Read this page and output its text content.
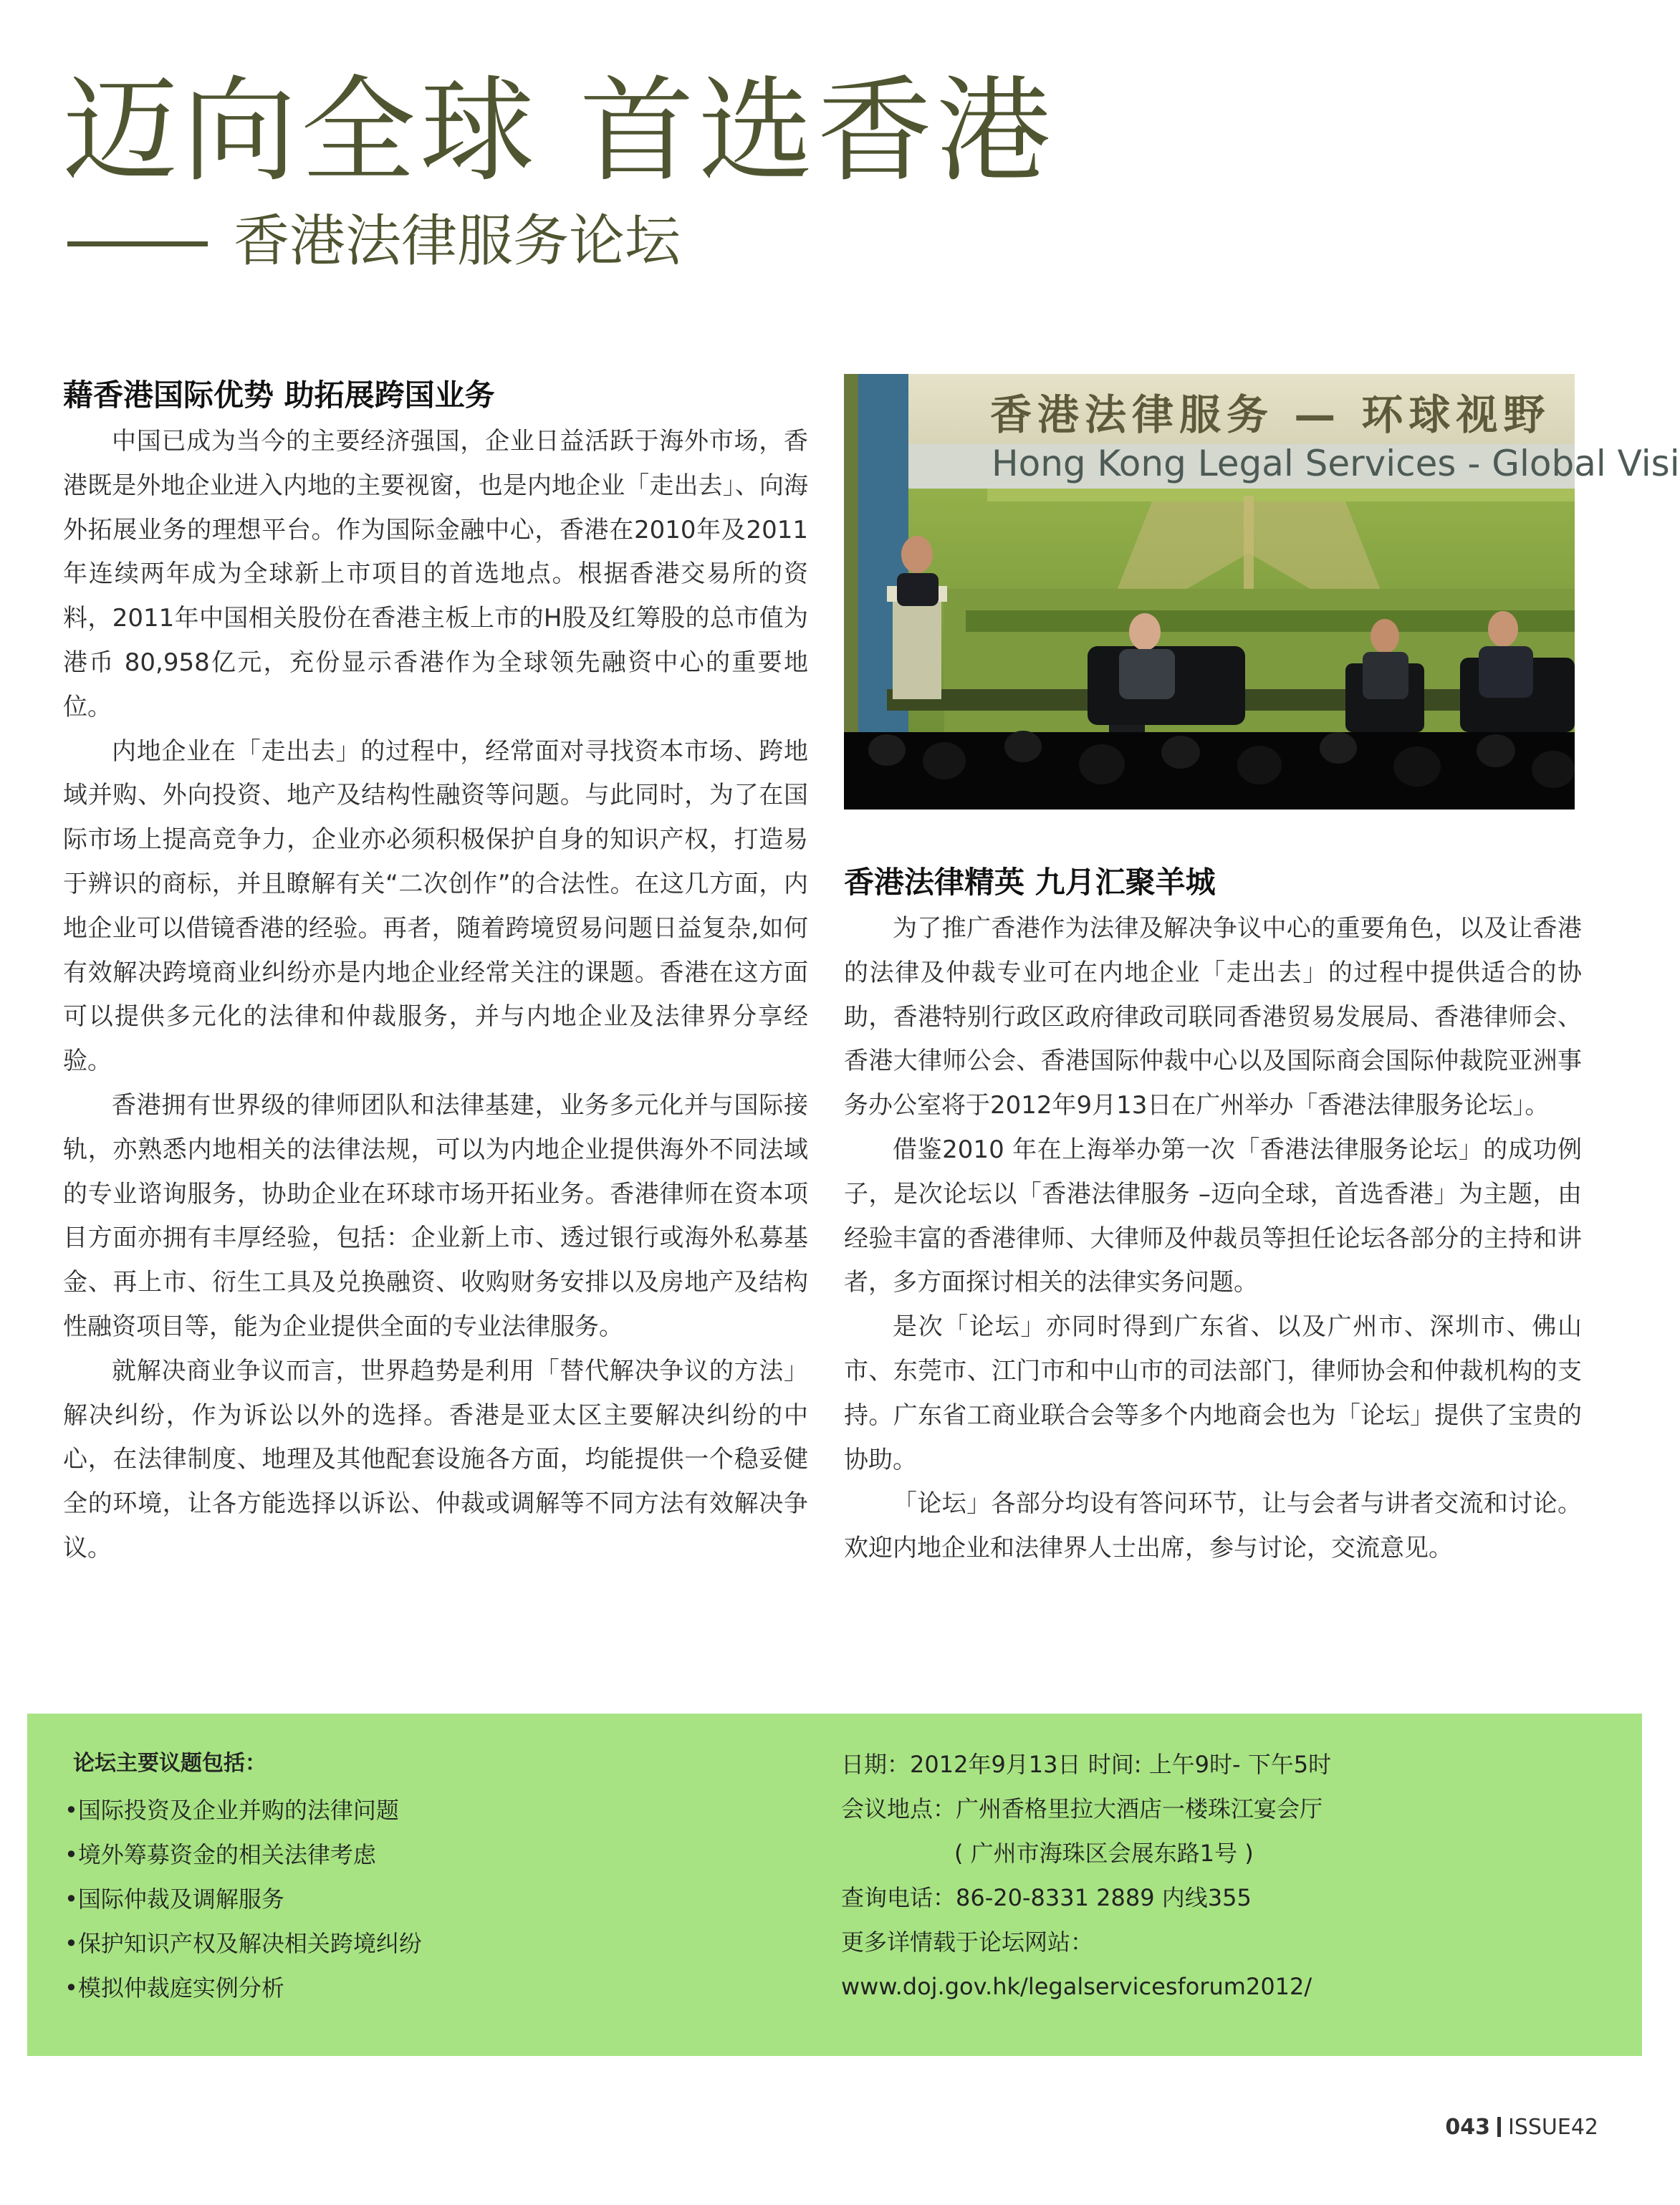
迈向全球 首选香港
香港法律服务论坛
藉香港国际优势 助拓展跨国业务

中国已成为当今的主要经济强国，企业日益活跃于海外市场，香港既是外地企业进入内地的主要视窗，也是内地企业「走出去」、向海外拓展业务的理想平台。作为国际金融中心，香港在2010年及2011年连续两年成为全球新上市项目的首选地点。根据香港交易所的资料，2011年中国相关股份在香港主板上市的H股及红筹股的总市值为港币 80,958亿元，充份显示香港作为全球领先融资中心的重要地位。

内地企业在「走出去」的过程中，经常面对寻找资本市场、跨地域并购、外向投资、地产及结构性融资等问题。与此同时，为了在国际市场上提高竞争力，企业亦必须积极保护自身的知识产权，打造易于辨识的商标，并且瞭解有关“二次创作”的合法性。在这几方面，内地企业可以借镜香港的经验。再者，随着跨境贸易问题日益复杂,如何有效解决跨境商业纠纷亦是内地企业经常关注的课题。香港在这方面可以提供多元化的法律和仲裁服务，并与内地企业及法律界分享经验。

香港拥有世界级的律师团队和法律基建，业务多元化并与国际接轨，亦熟悉内地相关的法律法规，可以为内地企业提供海外不同法域的专业谘询服务，协助企业在环球市场开拓业务。香港律师在资本项目方面亦拥有丰厚经验，包括：企业新上市、透过银行或海外私募基金、再上市、衍生工具及兑换融资、收购财务安排以及房地产及结构性融资项目等，能为企业提供全面的专业法律服务。

就解决商业争议而言，世界趋势是利用「替代解决争议的方法」解决纠纷，作为诉讼以外的选择。香港是亚太区主要解决纠纷的中心，在法律制度、地理及其他配套设施各方面，均能提供一个稳妥健全的环境，让各方能选择以诉讼、仲裁或调解等不同方法有效解决争议。

香港法律服务 — 环球视野
Hong Kong Legal Services - Global Visi
香港法律精英 九月汇聚羊城

为了推广香港作为法律及解决争议中心的重要角色，以及让香港的法律及仲裁专业可在内地企业「走出去」的过程中提供适合的协助，香港特别行政区政府律政司联同香港贸易发展局、香港律师会、香港大律师公会、香港国际仲裁中心以及国际商会国际仲裁院亚洲事务办公室将于2012年9月13日在广州举办「香港法律服务论坛」。

借鉴2010 年在上海举办第一次「香港法律服务论坛」的成功例子，是次论坛以「香港法律服务 –迈向全球，首选香港」为主题，由经验丰富的香港律师、大律师及仲裁员等担任论坛各部分的主持和讲者，多方面探讨相关的法律实务问题。

是次「论坛」亦同时得到广东省、以及广州市、深圳市、佛山市、东莞市、江门市和中山市的司法部门，律师协会和仲裁机构的支持。广东省工商业联合会等多个内地商会也为「论坛」提供了宝贵的协助。

「论坛」各部分均设有答问环节，让与会者与讲者交流和讨论。欢迎内地企业和法律界人士出席，参与讨论，交流意见。

论坛主要议题包括：

•国际投资及企业并购的法律问题
•境外筹募资金的相关法律考虑
•国际仲裁及调解服务
•保护知识产权及解决相关跨境纠纷
•模拟仲裁庭实例分析
日期：2012年9月13日 时间: 上午9时- 下午5时
会议地点：广州香格里拉大酒店一楼珠江宴会厅
( 广州市海珠区会展东路1号 )
查询电话：86-20-8331 2889 内线355
更多详情载于论坛网站：
www.doj.gov.hk/legalservicesforum2012/
043 ISSUE42
